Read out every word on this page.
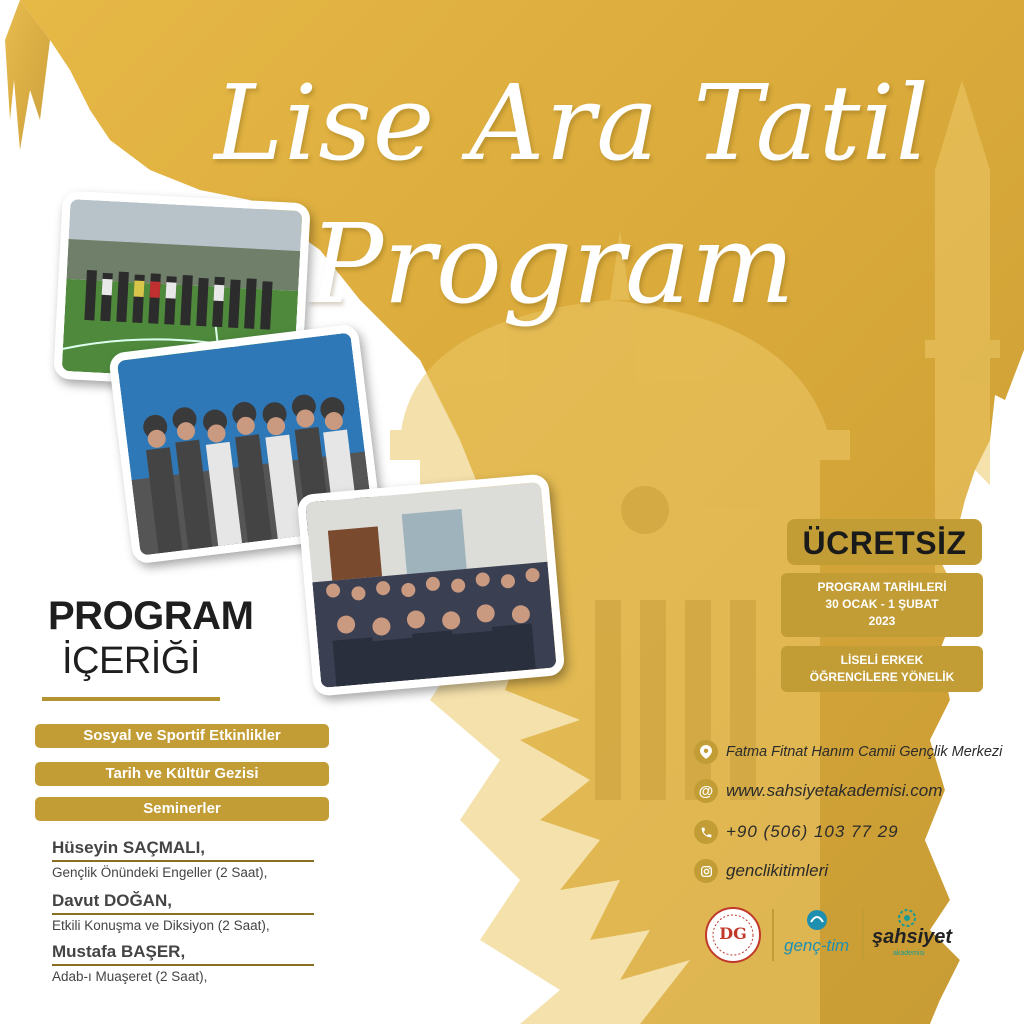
Lise Ara Tatil
Program
PROGRAM
İÇERİĞİ
Sosyal ve Sportif Etkinlikler
Tarih ve Kültür Gezisi
Seminerler
Hüseyin SAÇMALI,
Gençlik Önündeki Engeller (2 Saat),
Davut DOĞAN,
Etkili Konuşma ve Diksiyon (2 Saat),
Mustafa BAŞER,
Adab-ı Muaşeret (2 Saat),
ÜCRETSİZ
PROGRAM TARİHLERİ
30 OCAK - 1 ŞUBAT
2023
LİSELİ ERKEK
ÖĞRENCİLERE YÖNELİK
Fatma Fitnat Hanım Camii Gençlik Merkezi
@ www.sahsiyetakademisi.com
+90 (506) 103 77 29
genclikitimleri
DG
genç-tim şahsiyet
akademisi
